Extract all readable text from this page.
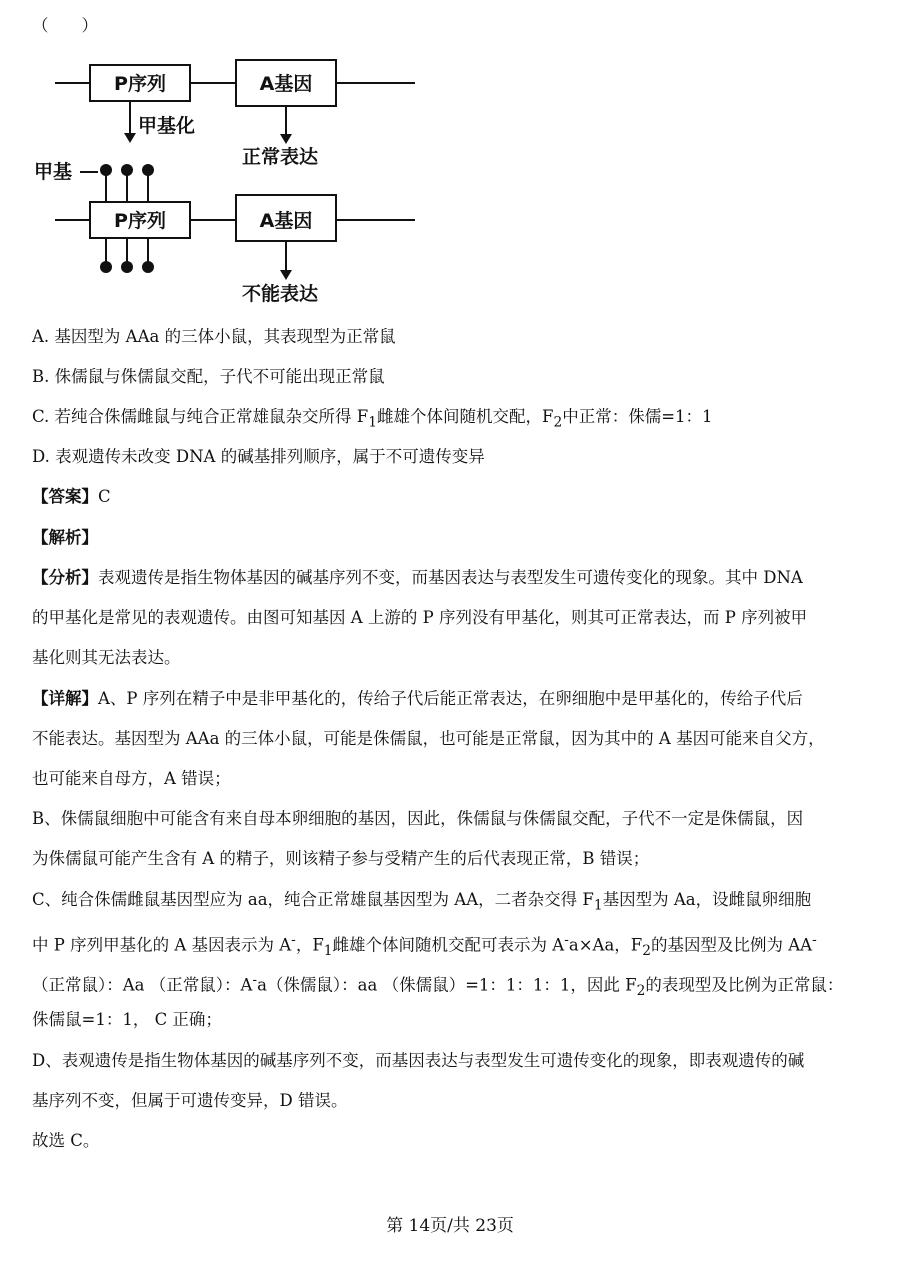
（　　）
P序列	A基因
甲基化
正常表达
甲基
P序列	A基因
不能表达
A. 基因型为 AAa 的三体小鼠，其表现型为正常鼠
B. 侏儒鼠与侏儒鼠交配，子代不可能出现正常鼠
C. 若纯合侏儒雌鼠与纯合正常雄鼠杂交所得 $F_1$雌雄个体间随机交配，$F_2$中正常：侏儒=1：1
D. 表观遗传未改变 DNA 的碱基排列顺序，属于不可遗传变异
【答案】C
【解析】
【分析】表观遗传是指生物体基因的碱基序列不变，而基因表达与表型发生可遗传变化的现象。其中 DNA
的甲基化是常见的表观遗传。由图可知基因 A 上游的 P 序列没有甲基化，则其可正常表达，而 P 序列被甲
基化则其无法表达。
【详解】A、P 序列在精子中是非甲基化的，传给子代后能正常表达，在卵细胞中是甲基化的，传给子代后
不能表达。基因型为 AAa 的三体小鼠，可能是侏儒鼠，也可能是正常鼠，因为其中的 A 基因可能来自父方，
也可能来自母方，A 错误；
B、侏儒鼠细胞中可能含有来自母本卵细胞的基因，因此，侏儒鼠与侏儒鼠交配，子代不一定是侏儒鼠，因
为侏儒鼠可能产生含有 A 的精子，则该精子参与受精产生的后代表现正常，B 错误；
C、纯合侏儒雌鼠基因型应为 aa，纯合正常雄鼠基因型为 AA，二者杂交得 $F_1$基因型为 Aa，设雌鼠卵细胞
中 P 序列甲基化的 A 基因表示为 A-，$F_1$雌雄个体间随机交配可表示为 A-a×Aa，$F_2$的基因型及比例为 AA-
（正常鼠）：Aa （正常鼠）：A-a（侏儒鼠）：aa （侏儒鼠）=1：1：1：1，因此 $F_2$的表现型及比例为正常鼠：
侏儒鼠=1：1， C 正确；
D、表观遗传是指生物体基因的碱基序列不变，而基因表达与表型发生可遗传变化的现象，即表观遗传的碱
基序列不变，但属于可遗传变异，D 错误。
故选 C。
第 14页/共 23页
